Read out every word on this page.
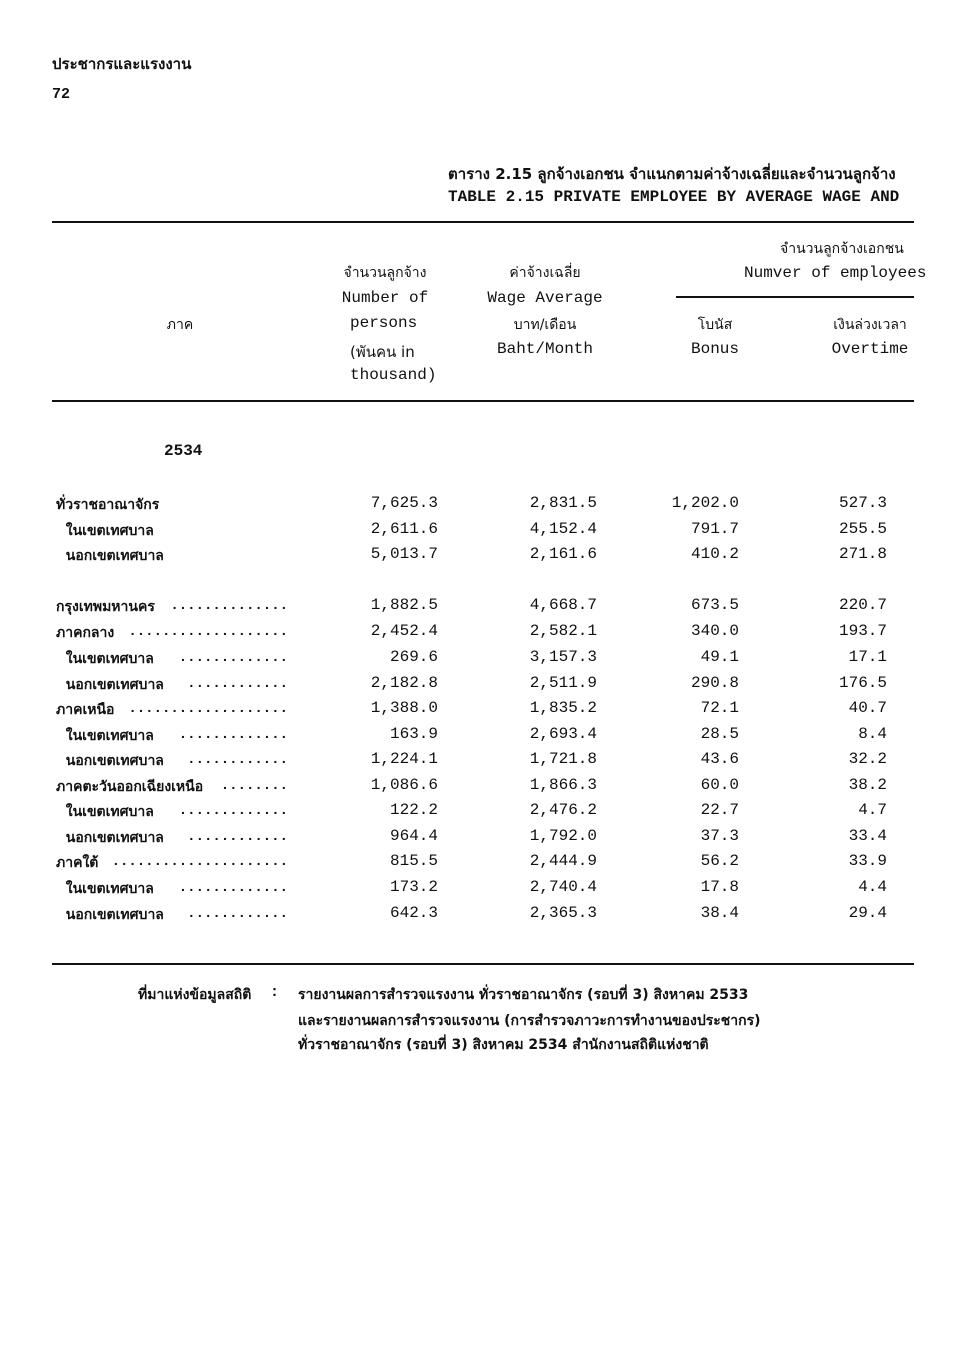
ประชากรและแรงงาน
72
ตาราง 2.15 ลูกจ้างเอกชน จำแนกตามค่าจ้างเฉลี่ยและจำนวนลูกจ้าง
TABLE 2.15 PRIVATE EMPLOYEE BY AVERAGE WAGE AND
ภาค
จำนวนลูกจ้าง
Number of
persons
(พันคน in
thousand)
ค่าจ้างเฉลี่ย
Wage Average
บาท/เดือน
Baht/Month
จำนวนลูกจ้างเอกชน
Numver of employees
โบนัส
Bonus
เงินล่วงเวลา
Overtime
2534
ทั่วราชอาณาจักร	7,625.3	2,831.5	1,202.0	527.3
ในเขตเทศบาล	2,611.6	4,152.4	791.7	255.5
นอกเขตเทศบาล	5,013.7	2,161.6	410.2	271.8
กรุงเทพมหานคร	..............	1,882.5	4,668.7	673.5	220.7
ภาคกลาง	...................	2,452.4	2,582.1	340.0	193.7
ในเขตเทศบาล	.............	269.6	3,157.3	49.1	17.1
นอกเขตเทศบาล	............	2,182.8	2,511.9	290.8	176.5
ภาคเหนือ ...................	1,388.0	1,835.2	72.1	40.7
ในเขตเทศบาล	.............	163.9	2,693.4	28.5	8.4
นอกเขตเทศบาล	............	1,224.1	1,721.8	43.6	32.2
ภาคตะวันออกเฉียงเหนือ	........	1,086.6	1,866.3	60.0	38.2
ในเขตเทศบาล	.............	122.2	2,476.2	22.7	4.7
นอกเขตเทศบาล	............	964.4	1,792.0	37.3	33.4
ภาคใต้ .....................	815.5	2,444.9	56.2	33.9
ในเขตเทศบาล	.............	173.2	2,740.4	17.8	4.4
นอกเขตเทศบาล	............	642.3	2,365.3	38.4	29.4
ที่มาแห่งข้อมูลสถิติ : รายงานผลการสำรวจแรงงาน ทั่วราชอาณาจักร (รอบที่ 3) สิงหาคม 2533
และรายงานผลการสำรวจแรงงาน (การสำรวจภาวะการทำงานของประชากร)
ทั่วราชอาณาจักร (รอบที่ 3) สิงหาคม 2534 สำนักงานสถิติแห่งชาติ
